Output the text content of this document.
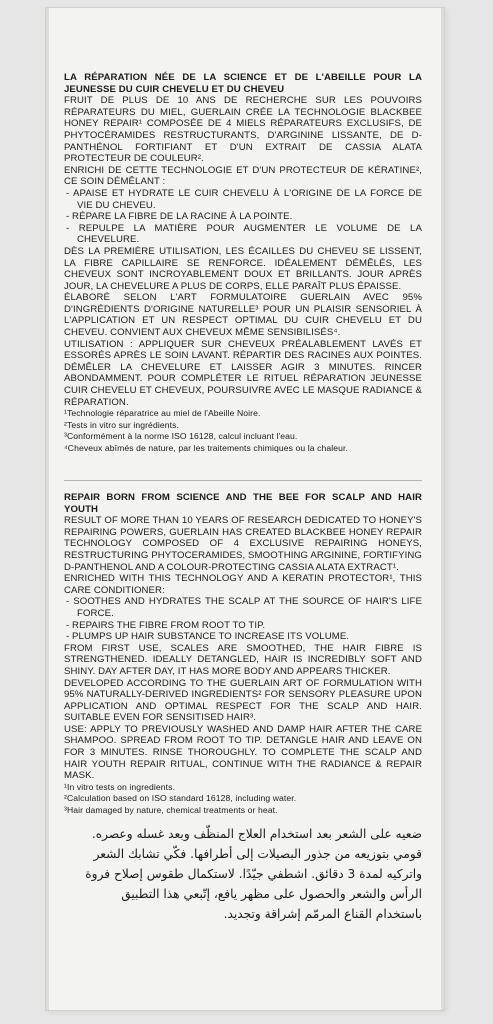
LA RÉPARATION NÉE DE LA SCIENCE ET DE L'ABEILLE POUR LA JEUNESSE DU CUIR CHEVELU ET DU CHEVEU

FRUIT DE PLUS DE 10 ANS DE RECHERCHE SUR LES POUVOIRS RÉPARATEURS DU MIEL, GUERLAIN CRÉE LA TECHNOLOGIE BLACKBEE HONEY REPAIR¹ COMPOSÉE DE 4 MIELS RÉPARATEURS EXCLUSIFS, DE PHYTOCÉRAMIDES RESTRUCTURANTS, D'ARGININE LISSANTE, DE D-PANTHÉNOL FORTIFIANT ET D'UN EXTRAIT DE CASSIA ALATA PROTECTEUR DE COULEUR².

ENRICHI DE CETTE TECHNOLOGIE ET D'UN PROTECTEUR DE KÉRATINE², CE SOIN DÉMÊLANT :

- APAISE ET HYDRATE LE CUIR CHEVELU À L'ORIGINE DE LA FORCE DE VIE DU CHEVEU.
- RÉPARE LA FIBRE DE LA RACINE À LA POINTE.
- REPULPE LA MATIÈRE POUR AUGMENTER LE VOLUME DE LA CHEVELURE.

DÈS LA PREMIÈRE UTILISATION, LES ÉCAILLES DU CHEVEU SE LISSENT, LA FIBRE CAPILLAIRE SE RENFORCE. IDÉALEMENT DÉMÊLÉS, LES CHEVEUX SONT INCROYABLEMENT DOUX ET BRILLANTS. JOUR APRÈS JOUR, LA CHEVELURE A PLUS DE CORPS, ELLE PARAÎT PLUS ÉPAISSE.

ÉLABORÉ SELON L'ART FORMULATOIRE GUERLAIN AVEC 95% D'INGRÉDIENTS D'ORIGINE NATURELLE³ POUR UN PLAISIR SENSORIEL À L'APPLICATION ET UN RESPECT OPTIMAL DU CUIR CHEVELU ET DU CHEVEU. CONVIENT AUX CHEVEUX MÊME SENSIBILISÉS⁴.

UTILISATION : APPLIQUER SUR CHEVEUX PRÉALABLEMENT LAVÉS ET ESSORÉS APRÈS LE SOIN LAVANT. RÉPARTIR DES RACINES AUX POINTES. DÉMÊLER LA CHEVELURE ET LAISSER AGIR 3 MINUTES. RINCER ABONDAMMENT. POUR COMPLÉTER LE RITUEL RÉPARATION JEUNESSE CUIR CHEVELU ET CHEVEUX, POURSUIVRE AVEC LE MASQUE RADIANCE & RÉPARATION.

¹Technologie réparatrice au miel de l'Abeille Noire.

²Tests in vitro sur ingrédients.

³Conformément à la norme ISO 16128, calcul incluant l'eau.

⁴Cheveux abîmés de nature, par les traitements chimiques ou la chaleur.

REPAIR BORN FROM SCIENCE AND THE BEE FOR SCALP AND HAIR YOUTH

RESULT OF MORE THAN 10 YEARS OF RESEARCH DEDICATED TO HONEY'S REPAIRING POWERS, GUERLAIN HAS CREATED BLACKBEE HONEY REPAIR TECHNOLOGY COMPOSED OF 4 EXCLUSIVE REPAIRING HONEYS, RESTRUCTURING PHYTOCERAMIDES, SMOOTHING ARGININE, FORTIFYING D-PANTHENOL AND A COLOUR-PROTECTING CASSIA ALATA EXTRACT¹.

ENRICHED WITH THIS TECHNOLOGY AND A KERATIN PROTECTOR¹, THIS CARE CONDITIONER:

- SOOTHES AND HYDRATES THE SCALP AT THE SOURCE OF HAIR'S LIFE FORCE.
- REPAIRS THE FIBRE FROM ROOT TO TIP.
- PLUMPS UP HAIR SUBSTANCE TO INCREASE ITS VOLUME.

FROM FIRST USE, SCALES ARE SMOOTHED, THE HAIR FIBRE IS STRENGTHENED. IDEALLY DETANGLED, HAIR IS INCREDIBLY SOFT AND SHINY. DAY AFTER DAY, IT HAS MORE BODY AND APPEARS THICKER.

DEVELOPED ACCORDING TO THE GUERLAIN ART OF FORMULATION WITH 95% NATURALLY-DERIVED INGREDIENTS² FOR SENSORY PLEASURE UPON APPLICATION AND OPTIMAL RESPECT FOR THE SCALP AND HAIR. SUITABLE EVEN FOR SENSITISED HAIR³.

USE: APPLY TO PREVIOUSLY WASHED AND DAMP HAIR AFTER THE CARE SHAMPOO. SPREAD FROM ROOT TO TIP. DETANGLE HAIR AND LEAVE ON FOR 3 MINUTES. RINSE THOROUGHLY. TO COMPLETE THE SCALP AND HAIR YOUTH REPAIR RITUAL, CONTINUE WITH THE RADIANCE & REPAIR MASK.

¹In vitro tests on ingredients.

²Calculation based on ISO standard 16128, including water.

³Hair damaged by nature, chemical treatments or heat.

ضعيه على الشعر بعد استخدام العلاج المنظّف وبعد غسله وعصره.

قومي بتوزيعه من جذور البصيلات إلى أطرافها. فكّي تشابك الشعر

واتركيه لمدة 3 دقائق. اشطفي جيّدًا. لاستكمال طقوس إصلاح فروة

الرأس والشعر والحصول على مظهر يافع، إتّبعي هذا التطبيق

باستخدام القناع المرمّم إشراقة وتجديد.
